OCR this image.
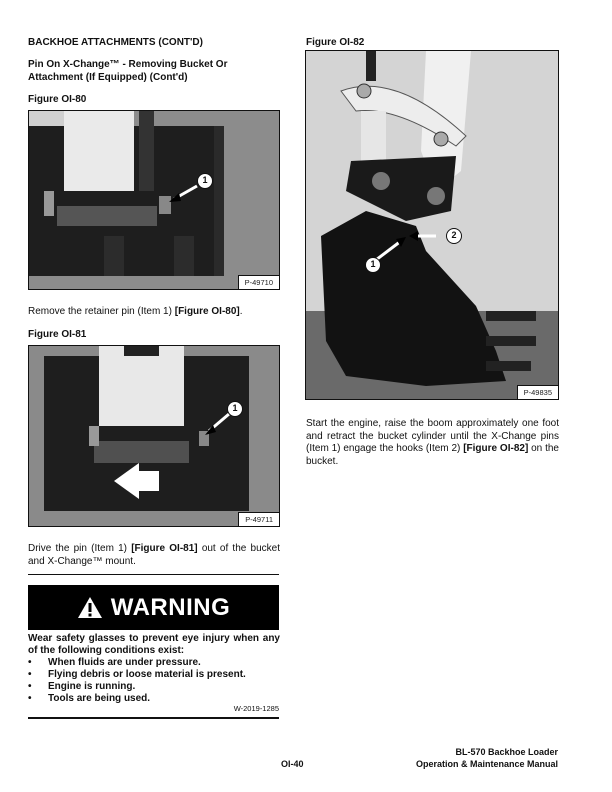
BACKHOE ATTACHMENTS (CONT'D)
Pin On X-Change™ - Removing Bucket Or
Attachment (If Equipped) (Cont'd)
Figure OI-80
1
P-49710
Remove the retainer pin (Item 1) [Figure OI-80].
Figure OI-81
1
P-49711
Drive the pin (Item 1) [Figure OI-81] out of the bucket and X-Change™ mount.
WARNING
Wear safety glasses to prevent eye injury when any of the following conditions exist:
•	When fluids are under pressure.
•	Flying debris or loose material is present.
•	Engine is running.
•	Tools are being used.
W-2019-1285
Figure OI-82
1
2
P-49835
Start the engine, raise the boom approximately one foot and retract the bucket cylinder until the X-Change pins (Item 1) engage the hooks (Item 2) [Figure OI-82] on the bucket.
OI-40
BL-570 Backhoe Loader
Operation & Maintenance Manual
